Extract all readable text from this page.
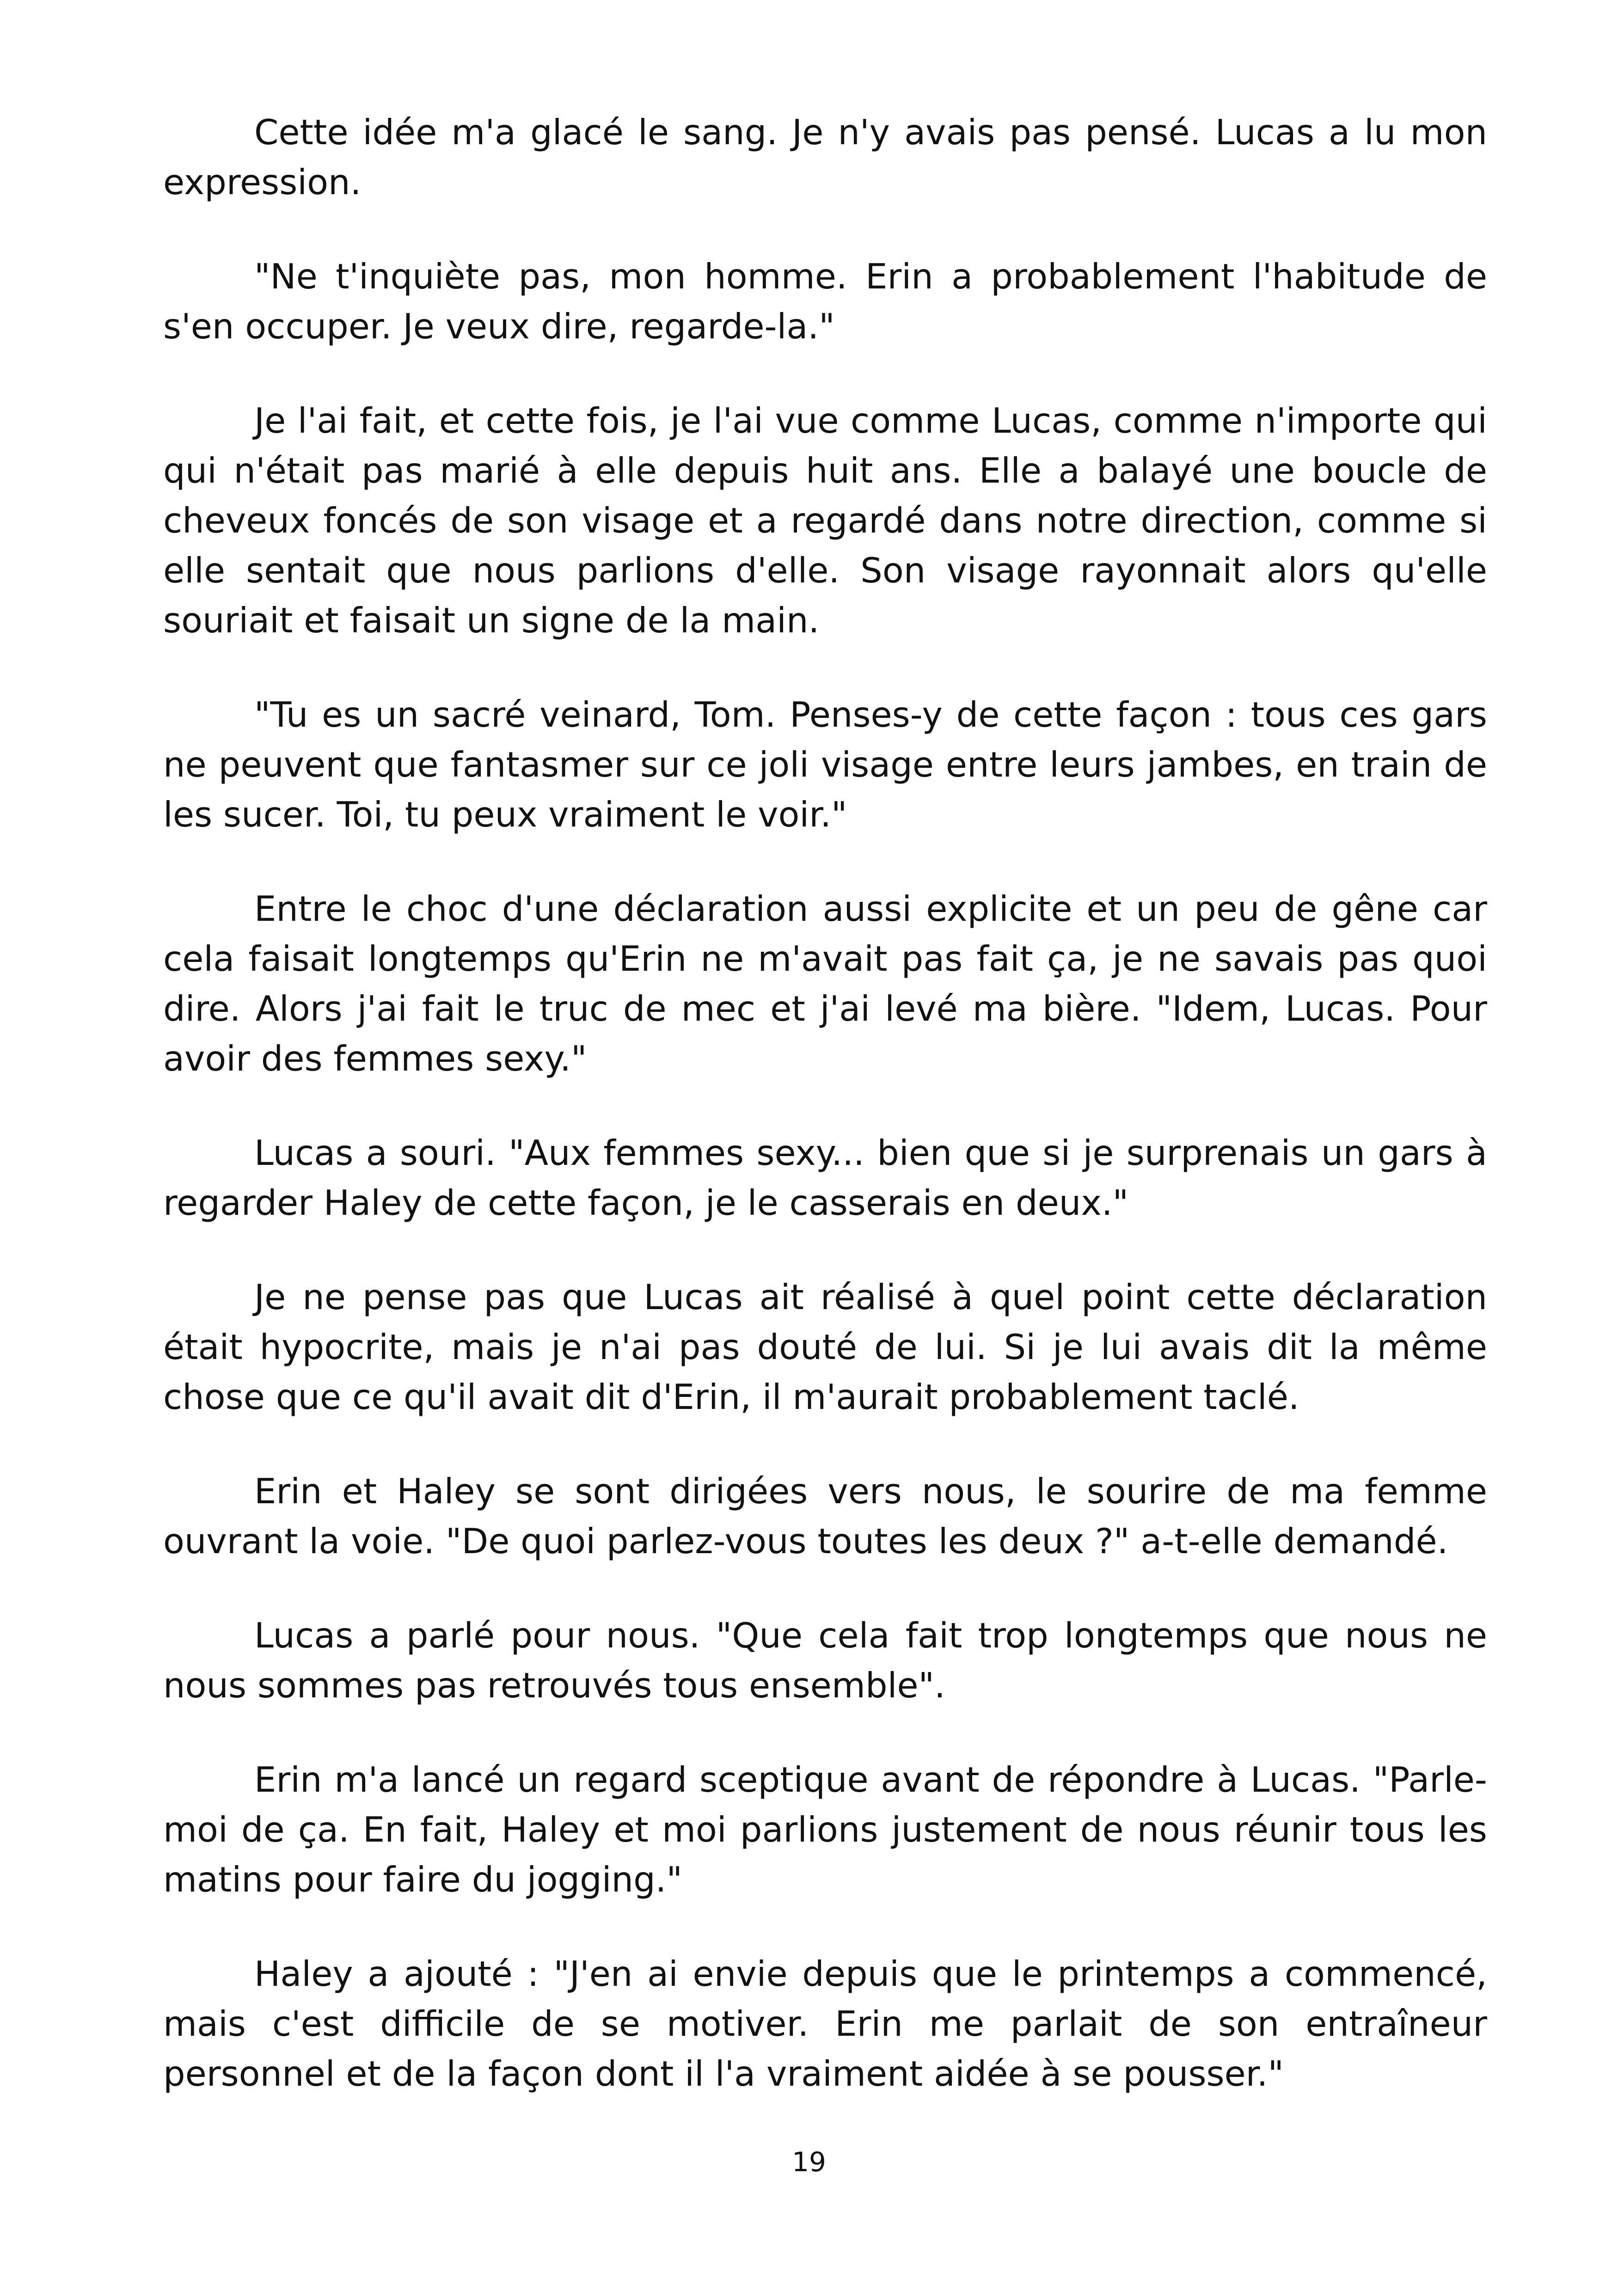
Cette idée m'a glacé le sang. Je n'y avais pas pensé. Lucas a lu mon expression.

"Ne t'inquiète pas, mon homme. Erin a probablement l'habitude de s'en occuper. Je veux dire, regarde-la."

Je l'ai fait, et cette fois, je l'ai vue comme Lucas, comme n'importe qui qui n'était pas marié à elle depuis huit ans. Elle a balayé une boucle de cheveux foncés de son visage et a regardé dans notre direction, comme si elle sentait que nous parlions d'elle. Son visage rayonnait alors qu'elle souriait et faisait un signe de la main.

"Tu es un sacré veinard, Tom. Penses-y de cette façon : tous ces gars ne peuvent que fantasmer sur ce joli visage entre leurs jambes, en train de les sucer. Toi, tu peux vraiment le voir."

Entre le choc d'une déclaration aussi explicite et un peu de gêne car cela faisait longtemps qu'Erin ne m'avait pas fait ça, je ne savais pas quoi dire. Alors j'ai fait le truc de mec et j'ai levé ma bière. "Idem, Lucas. Pour avoir des femmes sexy."

Lucas a souri. "Aux femmes sexy... bien que si je surprenais un gars à regarder Haley de cette façon, je le casserais en deux."

Je ne pense pas que Lucas ait réalisé à quel point cette déclaration était hypocrite, mais je n'ai pas douté de lui. Si je lui avais dit la même chose que ce qu'il avait dit d'Erin, il m'aurait probablement taclé.

Erin et Haley se sont dirigées vers nous, le sourire de ma femme ouvrant la voie. "De quoi parlez-vous toutes les deux ?" a-t-elle demandé.

Lucas a parlé pour nous. "Que cela fait trop longtemps que nous ne nous sommes pas retrouvés tous ensemble".

Erin m'a lancé un regard sceptique avant de répondre à Lucas. "Parle-moi de ça. En fait, Haley et moi parlions justement de nous réunir tous les matins pour faire du jogging."

Haley a ajouté : "J'en ai envie depuis que le printemps a commencé, mais c'est difficile de se motiver. Erin me parlait de son entraîneur personnel et de la façon dont il l'a vraiment aidée à se pousser."

19
